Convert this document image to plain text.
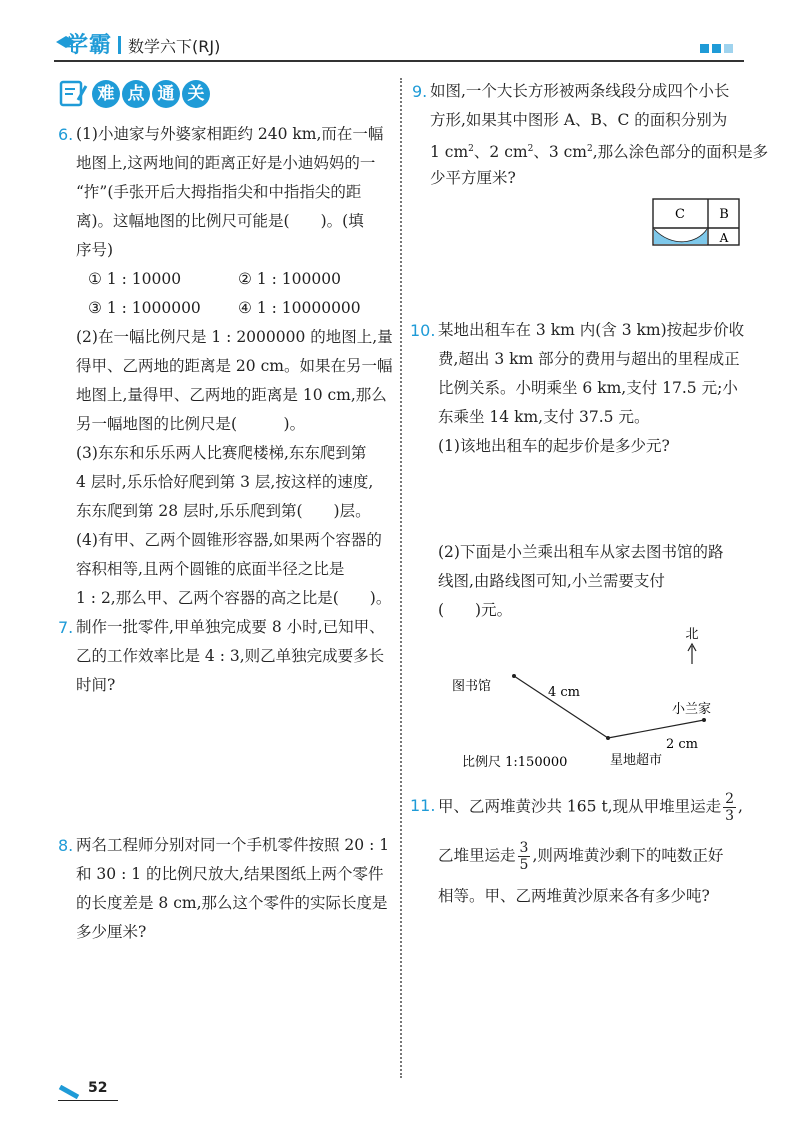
学霸 数学六下(RJ)
难 点 通 关
6. (1)小迪家与外婆家相距约 240 km,而在一幅
地图上,这两地间的距离正好是小迪妈妈的一
“拃”(手张开后大拇指指尖和中指指尖的距
离)。这幅地图的比例尺可能是(　　)。(填
序号)
① 1 : 10000	② 1 : 100000
③ 1 : 1000000 ④ 1 : 10000000
(2)在一幅比例尺是 1 : 2000000 的地图上,量
得甲、乙两地的距离是 20 cm。如果在另一幅
地图上,量得甲、乙两地的距离是 10 cm,那么
另一幅地图的比例尺是(　　　)。
(3)东东和乐乐两人比赛爬楼梯,东东爬到第
4 层时,乐乐恰好爬到第 3 层,按这样的速度,
东东爬到第 28 层时,乐乐爬到第(　　)层。
(4)有甲、乙两个圆锥形容器,如果两个容器的
容积相等,且两个圆锥的底面半径之比是
1 : 2,那么甲、乙两个容器的高之比是(　　)。
7. 制作一批零件,甲单独完成要 8 小时,已知甲、
乙的工作效率比是 4 : 3,则乙单独完成要多长
时间?
8. 两名工程师分别对同一个手机零件按照 20 : 1
和 30 : 1 的比例尺放大,结果图纸上两个零件
的长度差是 8 cm,那么这个零件的实际长度是
多少厘米?
9. 如图,一个大长方形被两条线段分成四个小长
方形,如果其中图形 A、B、C 的面积分别为
1 $cm^2$、2 $cm^2$、3 $cm^2$,那么涂色部分的面积是多
少平方厘米?
C	B
A
10. 某地出租车在 3 km 内(含 3 km)按起步价收
费,超出 3 km 部分的费用与超出的里程成正
比例关系。小明乘坐 6 km,支付 17.5 元;小
东乘坐 14 km,支付 37.5 元。
(1)该地出租车的起步价是多少元?
(2)下面是小兰乘出租车从家去图书馆的路
线图,由路线图可知,小兰需要支付
(　　)元。
北
图书馆	4 cm
小兰家
2 cm
比例尺 1:150000	星地超市
11. 甲、乙两堆黄沙共 165 t,现从甲堆里运走 $\frac{2}{3}$ ,
乙堆里运走 $\frac{3}{5}$ ,则两堆黄沙剩下的吨数正好
相等。甲、乙两堆黄沙原来各有多少吨?
52
